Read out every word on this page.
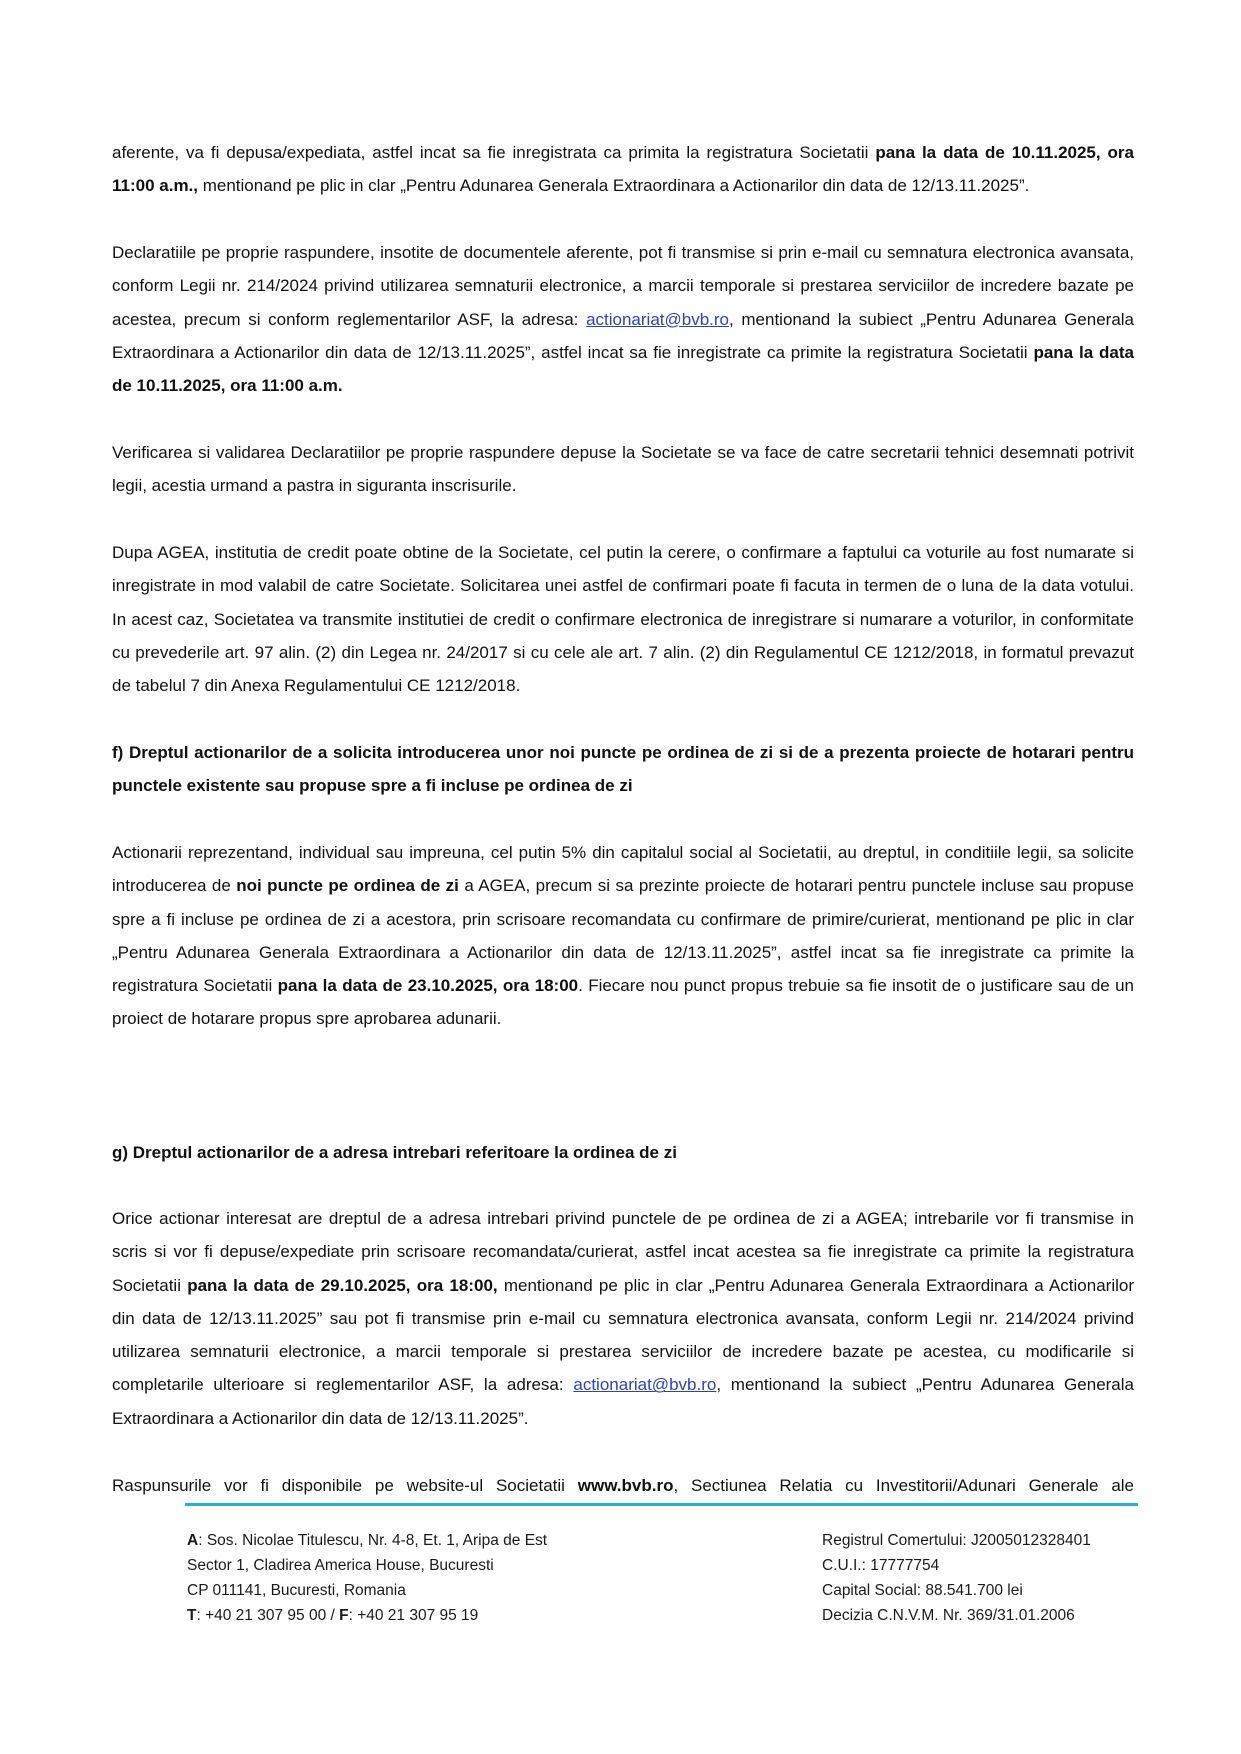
aferente, va fi depusa/expediata, astfel incat sa fie inregistrata ca primita la registratura Societatii pana la data de 10.11.2025, ora 11:00 a.m., mentionand pe plic in clar „Pentru Adunarea Generala Extraordinara a Actionarilor din data de 12/13.11.2025”.

Declaratiile pe proprie raspundere, insotite de documentele aferente, pot fi transmise si prin e-mail cu semnatura electronica avansata, conform Legii nr. 214/2024 privind utilizarea semnaturii electronice, a marcii temporale si prestarea serviciilor de incredere bazate pe acestea, precum si conform reglementarilor ASF, la adresa: actionariat@bvb.ro, mentionand la subiect „Pentru Adunarea Generala Extraordinara a Actionarilor din data de 12/13.11.2025”, astfel incat sa fie inregistrate ca primite la registratura Societatii pana la data de 10.11.2025, ora 11:00 a.m.

Verificarea si validarea Declaratiilor pe proprie raspundere depuse la Societate se va face de catre secretarii tehnici desemnati potrivit legii, acestia urmand a pastra in siguranta inscrisurile.

Dupa AGEA, institutia de credit poate obtine de la Societate, cel putin la cerere, o confirmare a faptului ca voturile au fost numarate si inregistrate in mod valabil de catre Societate. Solicitarea unei astfel de confirmari poate fi facuta in termen de o luna de la data votului. In acest caz, Societatea va transmite institutiei de credit o confirmare electronica de inregistrare si numarare a voturilor, in conformitate cu prevederile art. 97 alin. (2) din Legea nr. 24/2017 si cu cele ale art. 7 alin. (2) din Regulamentul CE 1212/2018, in formatul prevazut de tabelul 7 din Anexa Regulamentului CE 1212/2018.

f) Dreptul actionarilor de a solicita introducerea unor noi puncte pe ordinea de zi si de a prezenta proiecte de hotarari pentru punctele existente sau propuse spre a fi incluse pe ordinea de zi

Actionarii reprezentand, individual sau impreuna, cel putin 5% din capitalul social al Societatii, au dreptul, in conditiile legii, sa solicite introducerea de noi puncte pe ordinea de zi a AGEA, precum si sa prezinte proiecte de hotarari pentru punctele incluse sau propuse spre a fi incluse pe ordinea de zi a acestora, prin scrisoare recomandata cu confirmare de primire/curierat, mentionand pe plic in clar „Pentru Adunarea Generala Extraordinara a Actionarilor din data de 12/13.11.2025”, astfel incat sa fie inregistrate ca primite la registratura Societatii pana la data de 23.10.2025, ora 18:00. Fiecare nou punct propus trebuie sa fie insotit de o justificare sau de un proiect de hotarare propus spre aprobarea adunarii.

g) Dreptul actionarilor de a adresa intrebari referitoare la ordinea de zi

Orice actionar interesat are dreptul de a adresa intrebari privind punctele de pe ordinea de zi a AGEA; intrebarile vor fi transmise in scris si vor fi depuse/expediate prin scrisoare recomandata/curierat, astfel incat acestea sa fie inregistrate ca primite la registratura Societatii pana la data de 29.10.2025, ora 18:00, mentionand pe plic in clar „Pentru Adunarea Generala Extraordinara a Actionarilor din data de 12/13.11.2025” sau pot fi transmise prin e-mail cu semnatura electronica avansata, conform Legii nr. 214/2024 privind utilizarea semnaturii electronice, a marcii temporale si prestarea serviciilor de incredere bazate pe acestea, cu modificarile si completarile ulterioare si reglementarilor ASF, la adresa: actionariat@bvb.ro, mentionand la subiect „Pentru Adunarea Generala Extraordinara a Actionarilor din data de 12/13.11.2025”.

Raspunsurile vor fi disponibile pe website-ul Societatii www.bvb.ro, Sectiunea Relatia cu Investitorii/Adunari Generale ale

A: Sos. Nicolae Titulescu, Nr. 4-8, Et. 1, Aripa de Est
Sector 1, Cladirea America House, Bucuresti
CP 011141, Bucuresti, Romania
T: +40 21 307 95 00 / F: +40 21 307 95 19
Registrul Comertului: J2005012328401
C.U.I.: 17777754
Capital Social: 88.541.700 lei
Decizia C.N.V.M. Nr. 369/31.01.2006
